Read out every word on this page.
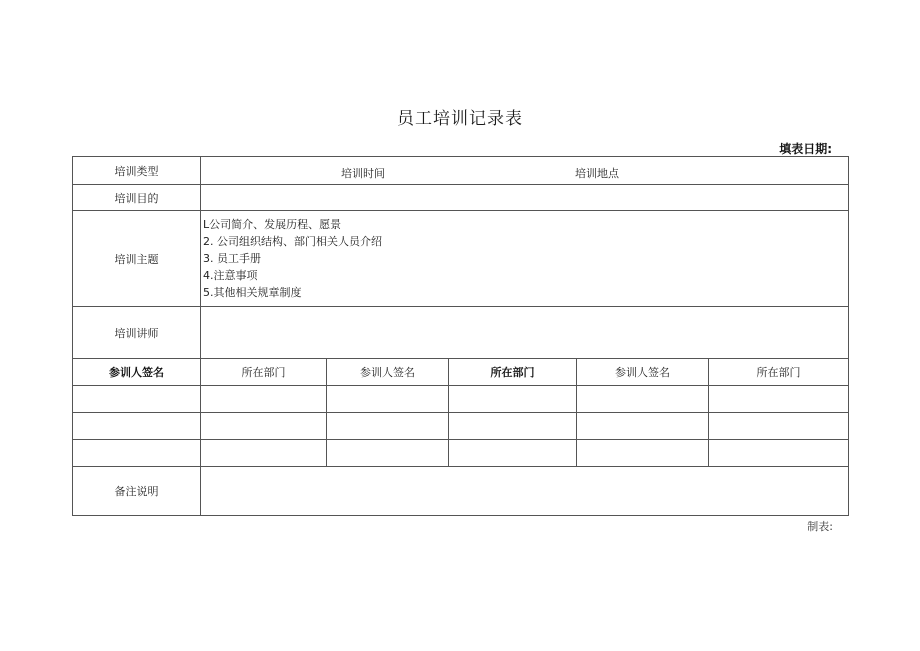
员工培训记录表
填表日期:
培训类型	培训时间 培训地点				

培训目的					
培训主题	L公司简介、发展历程、愿景
2. 公司组织结构、部门相关人员介绍
3. 员工手册
4.注意事项
5.其他相关规章制度				

培训讲师					
参训人签名	所在部门	参训人签名	所在部门	参训人签名	所在部门

备注说明					
制表:
